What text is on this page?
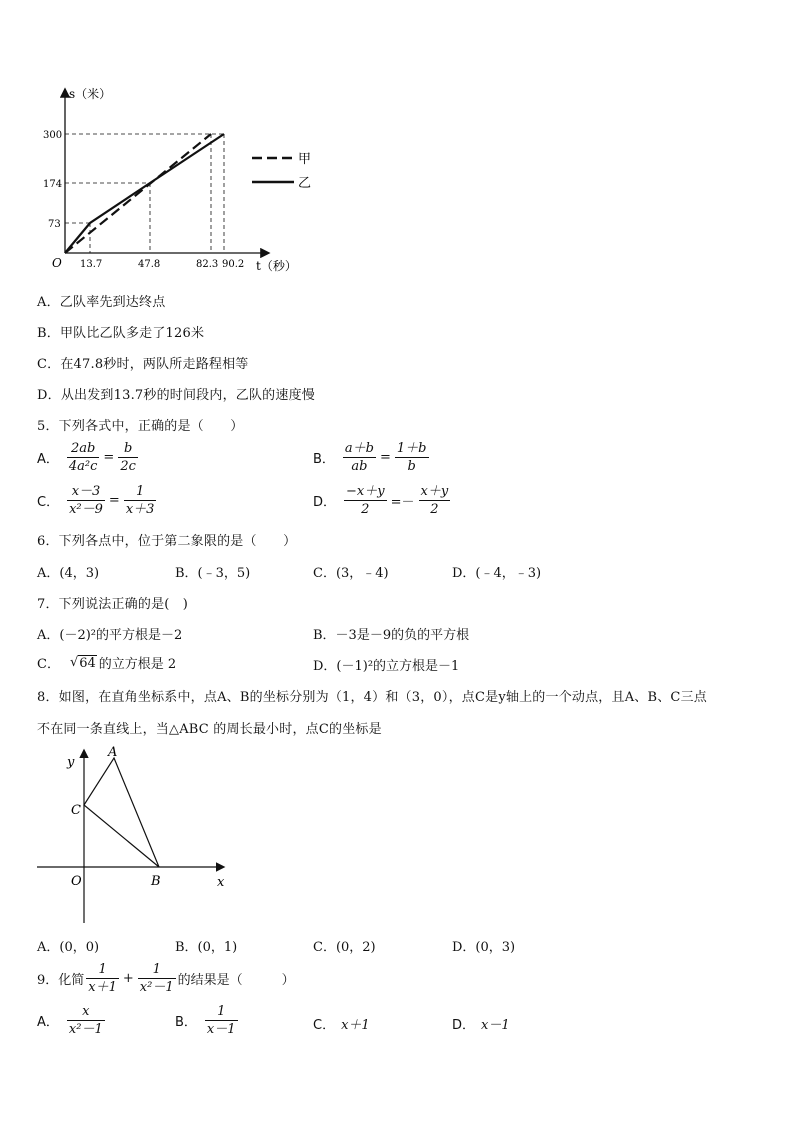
300
174
73
O 13.7	47.8	82.3 90.2
s（米）
t（秒）
甲
乙
A．乙队率先到达终点
B．甲队比乙队多走了126米
C．在47.8秒时，两队所走路程相等
D．从出发到13.7秒的时间段内，乙队的速度慢
5．下列各式中，正确的是（　　）
A． $\frac{2ab}{\text{4a²c}} = \frac{b}{2c}$	B． $\frac{a+b}{ab} = \frac{1+b}{b}$
C． $\frac{x-3}{\text{x²－9}} = \frac{1}{x+3}$	D． $\frac{-x+y}{2} =- \frac{x+y}{2}$
6．下列各点中，位于第二象限的是（　　）
A．(4，3)	B．(﹣3，5)	C．(3，﹣4)	D．(﹣4，﹣3)
7．下列说法正确的是(　)
A．(－2)²的平方根是－2	B．－3是－9的负的平方根
C． √ 64 的立方根是 2	D．(－1)²的立方根是－1
8．如图，在直角坐标系中，点A、B的坐标分别为（1，4）和（3，0），点C是y轴上的一个动点，且A、B、C三点
不在同一条直线上，当△ABC 的周长最小时，点C的坐标是
y
A
C
O	B	x
A．(0，0)	B．(0，1)	C．(0，2)	D．(0，3)
9．化简 $\frac{1}{x+1} + \frac{1}{\text{x²－1}}$ 的结果是（　　　）
A． $\frac{x}{\text{x²－1}}$	B． $\frac{1}{x-1}$	C． x＋1	D． x－1
